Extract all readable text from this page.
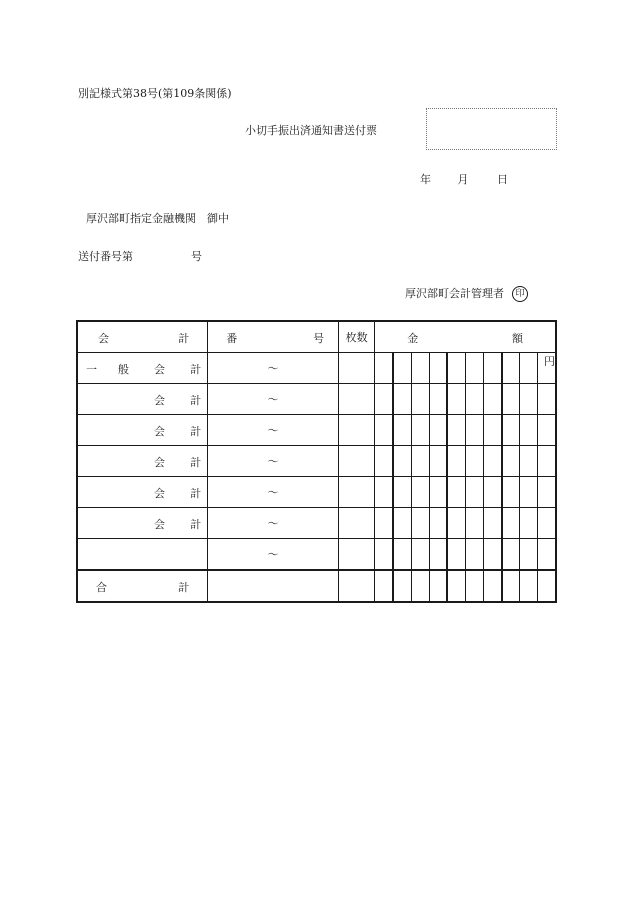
別記様式第38号(第109条関係)
小切手振出済通知書送付票
年 月	日
厚沢部町指定金融機関　御中
送付番号第	号
厚沢部町会計管理者 印
会 計	番 号	枚数	金 額									

一 般 会 計	〜											円

会 計	〜											

会 計	〜											

会 計	〜											

会 計	〜											

会 計	〜											

	〜											

合 計												
